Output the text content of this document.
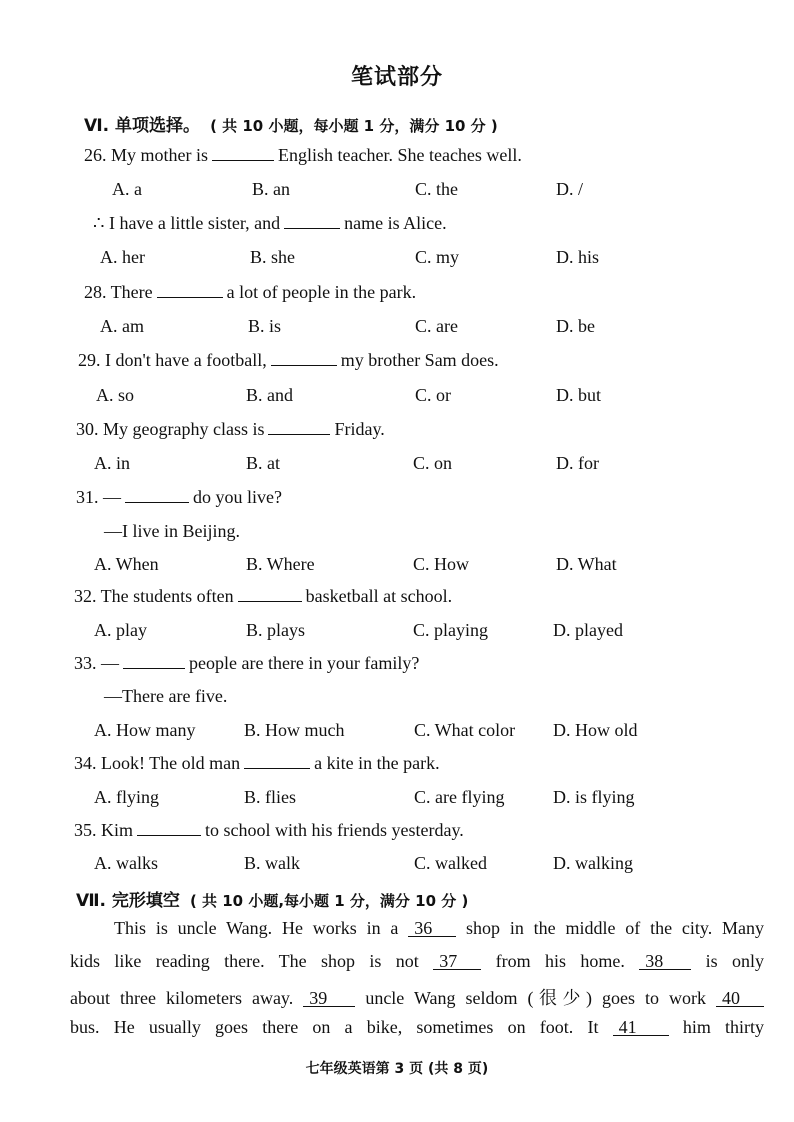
笔试部分
Ⅵ. 单项选择。 ( 共 10 小题，每小题 1 分，满分 10 分 )
26. My mother is	English teacher. She teaches well.
A. a	B. an	C. the	D. /
∴ I have a little sister, and	name is Alice.
A. her	B. she	C. my	D. his
28. There	a lot of people in the park.
A. am	B. is	C. are	D. be
29. I don't have a football,	my brother Sam does.
A. so	B. and	C. or	D. but
30. My geography class is	Friday.
A. in	B. at	C. on	D. for
31. —	do you live?
—I live in Beijing.
A. When	B. Where	C. How	D. What
32. The students often	basketball at school.
A. play	B. plays	C. playing	D. played
33. —	people are there in your family?
—There are five.
A. How many	B. How much	C. What color D. How old
34. Look! The old man	a kite in the park.
A. flying	B. flies	C. are flying	D. is flying
35. Kim	to school with his friends yesterday.
A. walks	B. walk	C. walked	D. walking
Ⅶ. 完形填空 ( 共 10 小题,每小题 1 分，满分 10 分 )
This is uncle Wang. He works in a 36 shop in the middle of the city. Many
kids like reading there. The shop is not 37 from his home. 38 is only
about three kilometers away. 39 uncle Wang seldom (很少) goes to work 40
bus. He usually goes there on a bike, sometimes on foot. It 41	him thirty
七年级英语第 3 页 (共 8 页)
